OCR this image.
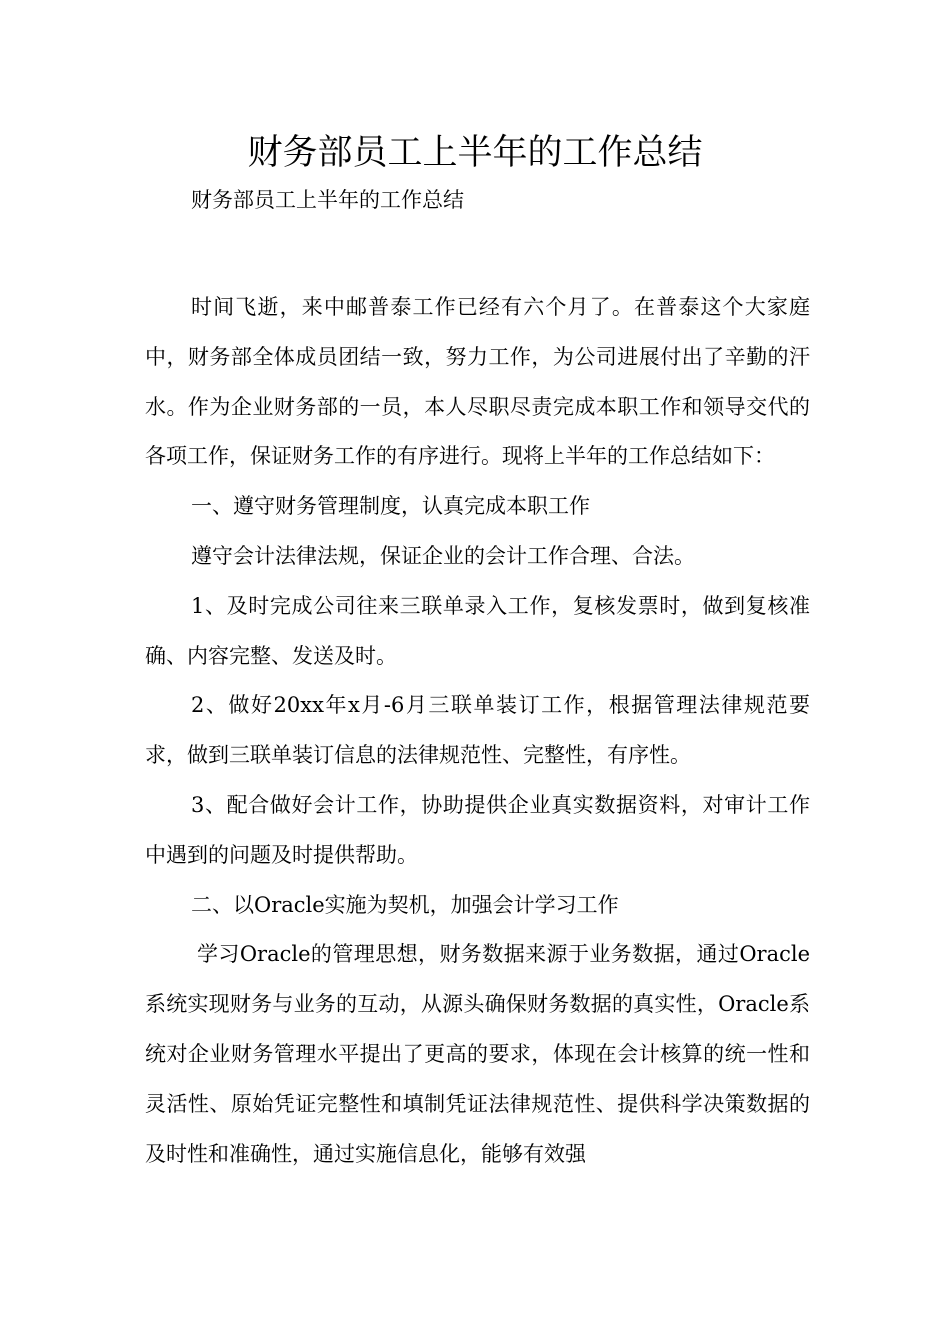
财务部员工上半年的工作总结

财务部员工上半年的工作总结

时间飞逝，来中邮普泰工作已经有六个月了。在普泰这个大家庭中，财务部全体成员团结一致，努力工作，为公司进展付出了辛勤的汗水。作为企业财务部的一员，本人尽职尽责完成本职工作和领导交代的各项工作，保证财务工作的有序进行。现将上半年的工作总结如下：

一、遵守财务管理制度，认真完成本职工作

遵守会计法律法规，保证企业的会计工作合理、合法。

1、及时完成公司往来三联单录入工作，复核发票时，做到复核准确、内容完整、发送及时。

2、做好20xx年x月-6月三联单装订工作，根据管理法律规范要求，做到三联单装订信息的法律规范性、完整性，有序性。

3、配合做好会计工作，协助提供企业真实数据资料，对审计工作中遇到的问题及时提供帮助。

二、以Oracle实施为契机，加强会计学习工作

学习Oracle的管理思想，财务数据来源于业务数据，通过Oracle系统实现财务与业务的互动，从源头确保财务数据的真实性，Oracle系统对企业财务管理水平提出了更高的要求，体现在会计核算的统一性和灵活性、原始凭证完整性和填制凭证法律规范性、提供科学决策数据的及时性和准确性，通过实施信息化，能够有效强
